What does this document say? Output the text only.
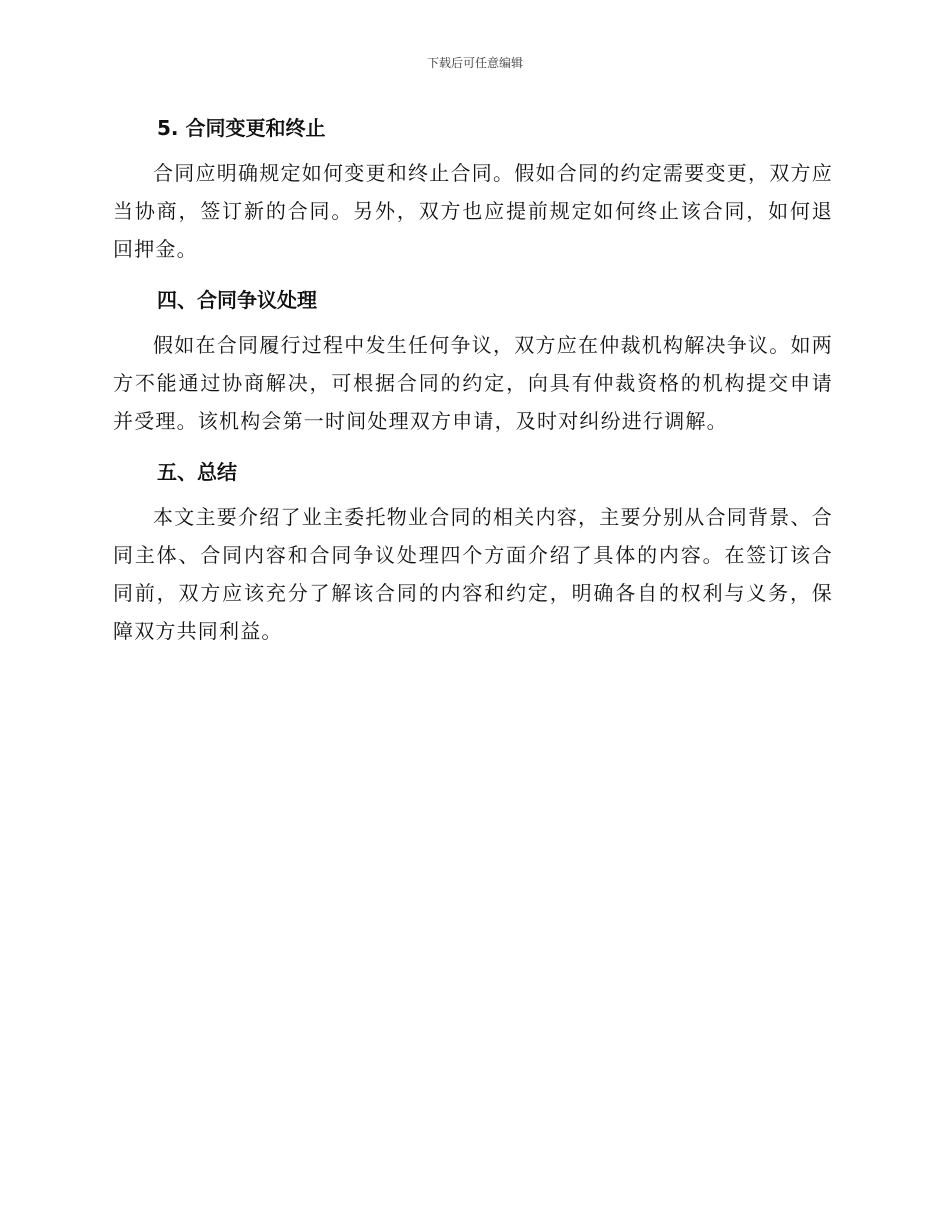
下载后可任意编辑
5. 合同变更和终止

合同应明确规定如何变更和终止合同。假如合同的约定需要变更，双方应当协商，签订新的合同。另外，双方也应提前规定如何终止该合同，如何退回押金。

四、合同争议处理

假如在合同履行过程中发生任何争议，双方应在仲裁机构解决争议。如两方不能通过协商解决，可根据合同的约定，向具有仲裁资格的机构提交申请并受理。该机构会第一时间处理双方申请，及时对纠纷进行调解。

五、总结

本文主要介绍了业主委托物业合同的相关内容，主要分别从合同背景、合同主体、合同内容和合同争议处理四个方面介绍了具体的内容。在签订该合同前，双方应该充分了解该合同的内容和约定，明确各自的权利与义务，保障双方共同利益。
